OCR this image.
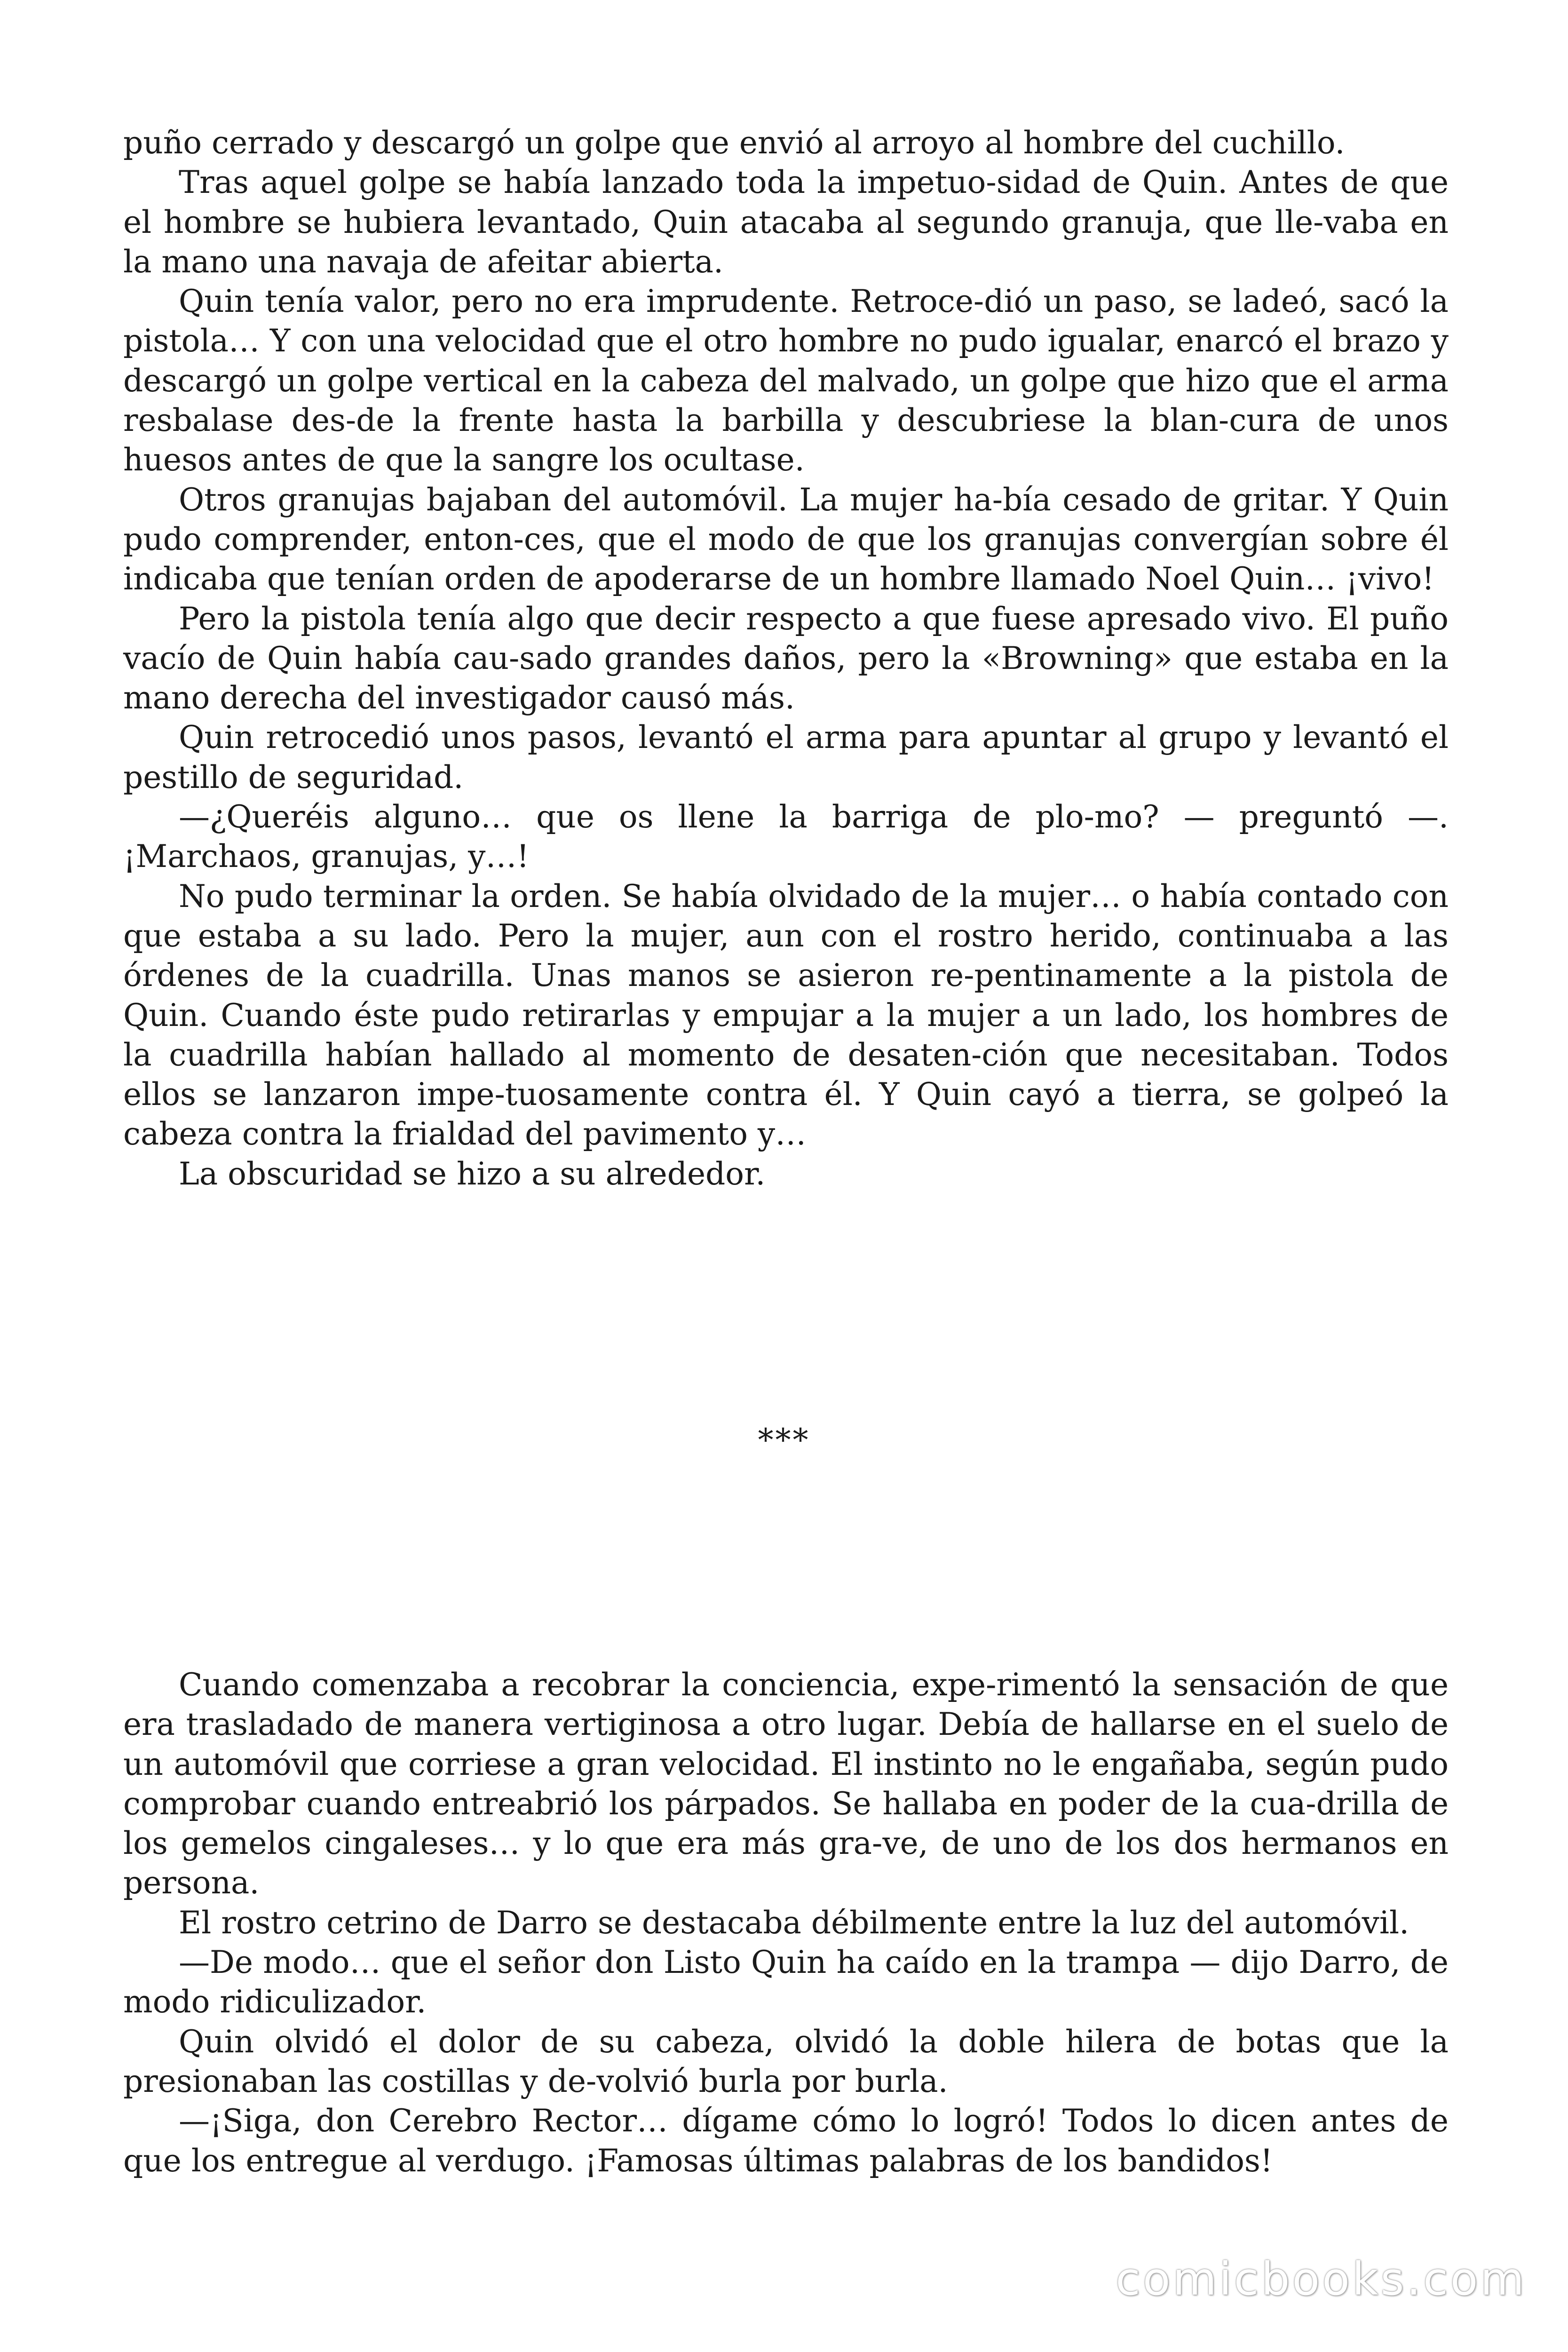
puño cerrado y descargó un golpe que envió al arroyo al hombre del cuchillo.

Tras aquel golpe se había lanzado toda la impetuo-sidad de Quin. Antes de que el hombre se hubiera levantado, Quin atacaba al segundo granuja, que lle-vaba en la mano una navaja de afeitar abierta.

Quin tenía valor, pero no era imprudente. Retroce-dió un paso, se ladeó, sacó la pistola… Y con una velocidad que el otro hombre no pudo igualar, enarcó el brazo y descargó un golpe vertical en la cabeza del malvado, un golpe que hizo que el arma resbalase des-de la frente hasta la barbilla y descubriese la blan-cura de unos huesos antes de que la sangre los ocultase.

Otros granujas bajaban del automóvil. La mujer ha-bía cesado de gritar. Y Quin pudo comprender, enton-ces, que el modo de que los granujas convergían sobre él indicaba que tenían orden de apoderarse de un hombre llamado Noel Quin… ¡vivo!

Pero la pistola tenía algo que decir respecto a que fuese apresado vivo. El puño vacío de Quin había cau-sado grandes daños, pero la «Browning» que estaba en la mano derecha del investigador causó más.

Quin retrocedió unos pasos, levantó el arma para apuntar al grupo y levantó el pestillo de seguridad.

—¿Queréis alguno… que os llene la barriga de plo-mo? — preguntó —. ¡Marchaos, granujas, y…!

No pudo terminar la orden. Se había olvidado de la mujer… o había contado con que estaba a su lado. Pero la mujer, aun con el rostro herido, continuaba a las órdenes de la cuadrilla. Unas manos se asieron re-pentinamente a la pistola de Quin. Cuando éste pudo retirarlas y empujar a la mujer a un lado, los hombres de la cuadrilla habían hallado al momento de desaten-ción que necesitaban. Todos ellos se lanzaron impe-tuosamente contra él. Y Quin cayó a tierra, se golpeó la cabeza contra la frialdad del pavimento y…

La obscuridad se hizo a su alrededor.

***

Cuando comenzaba a recobrar la conciencia, expe-rimentó la sensación de que era trasladado de manera vertiginosa a otro lugar. Debía de hallarse en el suelo de un automóvil que corriese a gran velocidad. El instinto no le engañaba, según pudo comprobar cuando entreabrió los párpados. Se hallaba en poder de la cua-drilla de los gemelos cingaleses… y lo que era más gra-ve, de uno de los dos hermanos en persona.

El rostro cetrino de Darro se destacaba débilmente entre la luz del automóvil.

—De modo… que el señor don Listo Quin ha caído en la trampa — dijo Darro, de modo ridiculizador.

Quin olvidó el dolor de su cabeza, olvidó la doble hilera de botas que la presionaban las costillas y de-volvió burla por burla.

—¡Siga, don Cerebro Rector… dígame cómo lo logró! Todos lo dicen antes de que los entregue al verdugo. ¡Famosas últimas palabras de los bandidos!

comicbooks.com
